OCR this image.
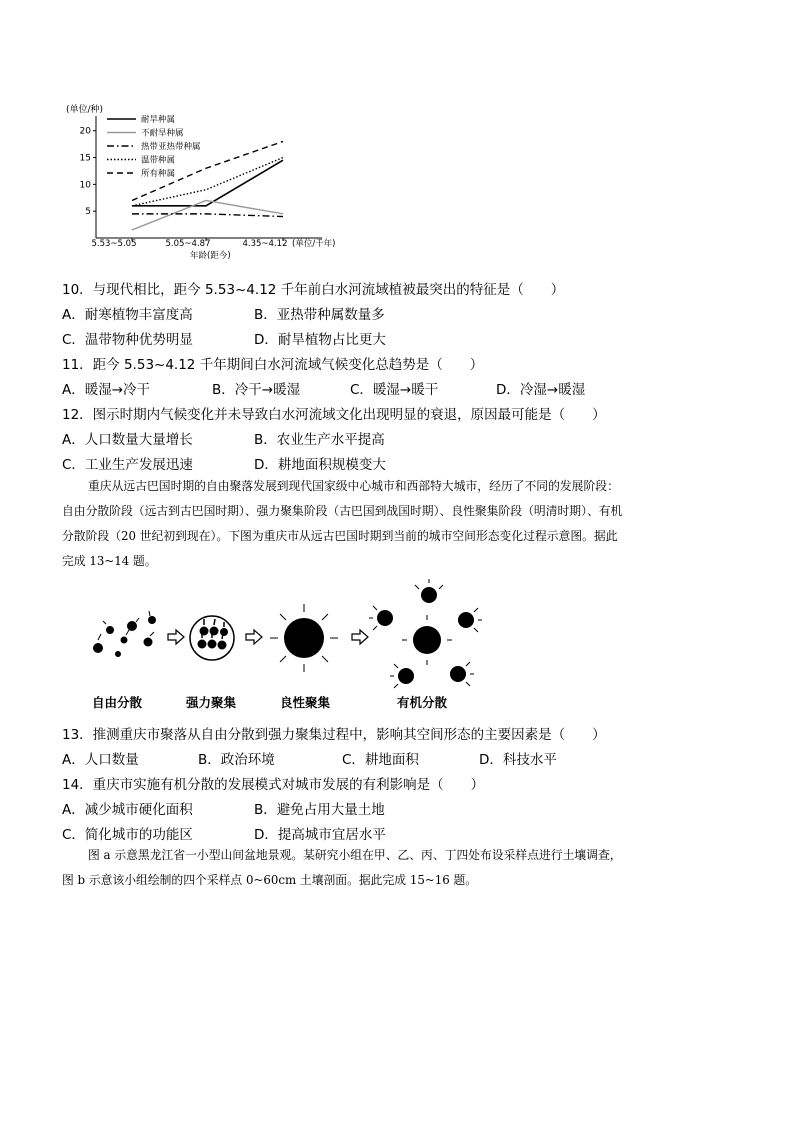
(单位/种)
5
10
15
20
5.53~5.05	5.05~4.87	4.35~4.12
耐旱种属
不耐旱种属
热带亚热带种属
温带种属
所有种属
(单位/千年)
年龄(距今)
10．与现代相比，距今 5.53~4.12 千年前白水河流域植被最突出的特征是（　　）
A．耐寒植物丰富度高	B．亚热带种属数量多
C．温带物种优势明显	D．耐旱植物占比更大
11．距今 5.53~4.12 千年期间白水河流域气候变化总趋势是（　　）
A．暖湿→冷干	B．冷干→暖湿	C．暖湿→暖干	D．冷湿→暖湿
12．图示时期内气候变化并未导致白水河流域文化出现明显的衰退，原因最可能是（　　）
A．人口数量大量增长	B．农业生产水平提高
C．工业生产发展迅速	D．耕地面积规模变大
重庆从远古巴国时期的自由聚落发展到现代国家级中心城市和西部特大城市，经历了不同的发展阶段：
自由分散阶段（远古到古巴国时期）、强力聚集阶段（古巴国到战国时期）、良性聚集阶段（明清时期）、有机
分散阶段（20 世纪初到现在）。下图为重庆市从远古巴国时期到当前的城市空间形态变化过程示意图。据此
完成 13~14 题。
自由分散	强力聚集	良性聚集	有机分散
13．推测重庆市聚落从自由分散到强力聚集过程中，影响其空间形态的主要因素是（　　）
A．人口数量	B．政治环境	C．耕地面积	D．科技水平
14．重庆市实施有机分散的发展模式对城市发展的有利影响是（　　）
A．减少城市硬化面积	B．避免占用大量土地
C．简化城市的功能区	D．提高城市宜居水平
图 a 示意黑龙江省一小型山间盆地景观。某研究小组在甲、乙、丙、丁四处布设采样点进行土壤调查，
图 b 示意该小组绘制的四个采样点 0~60cm 土壤剖面。据此完成 15~16 题。
